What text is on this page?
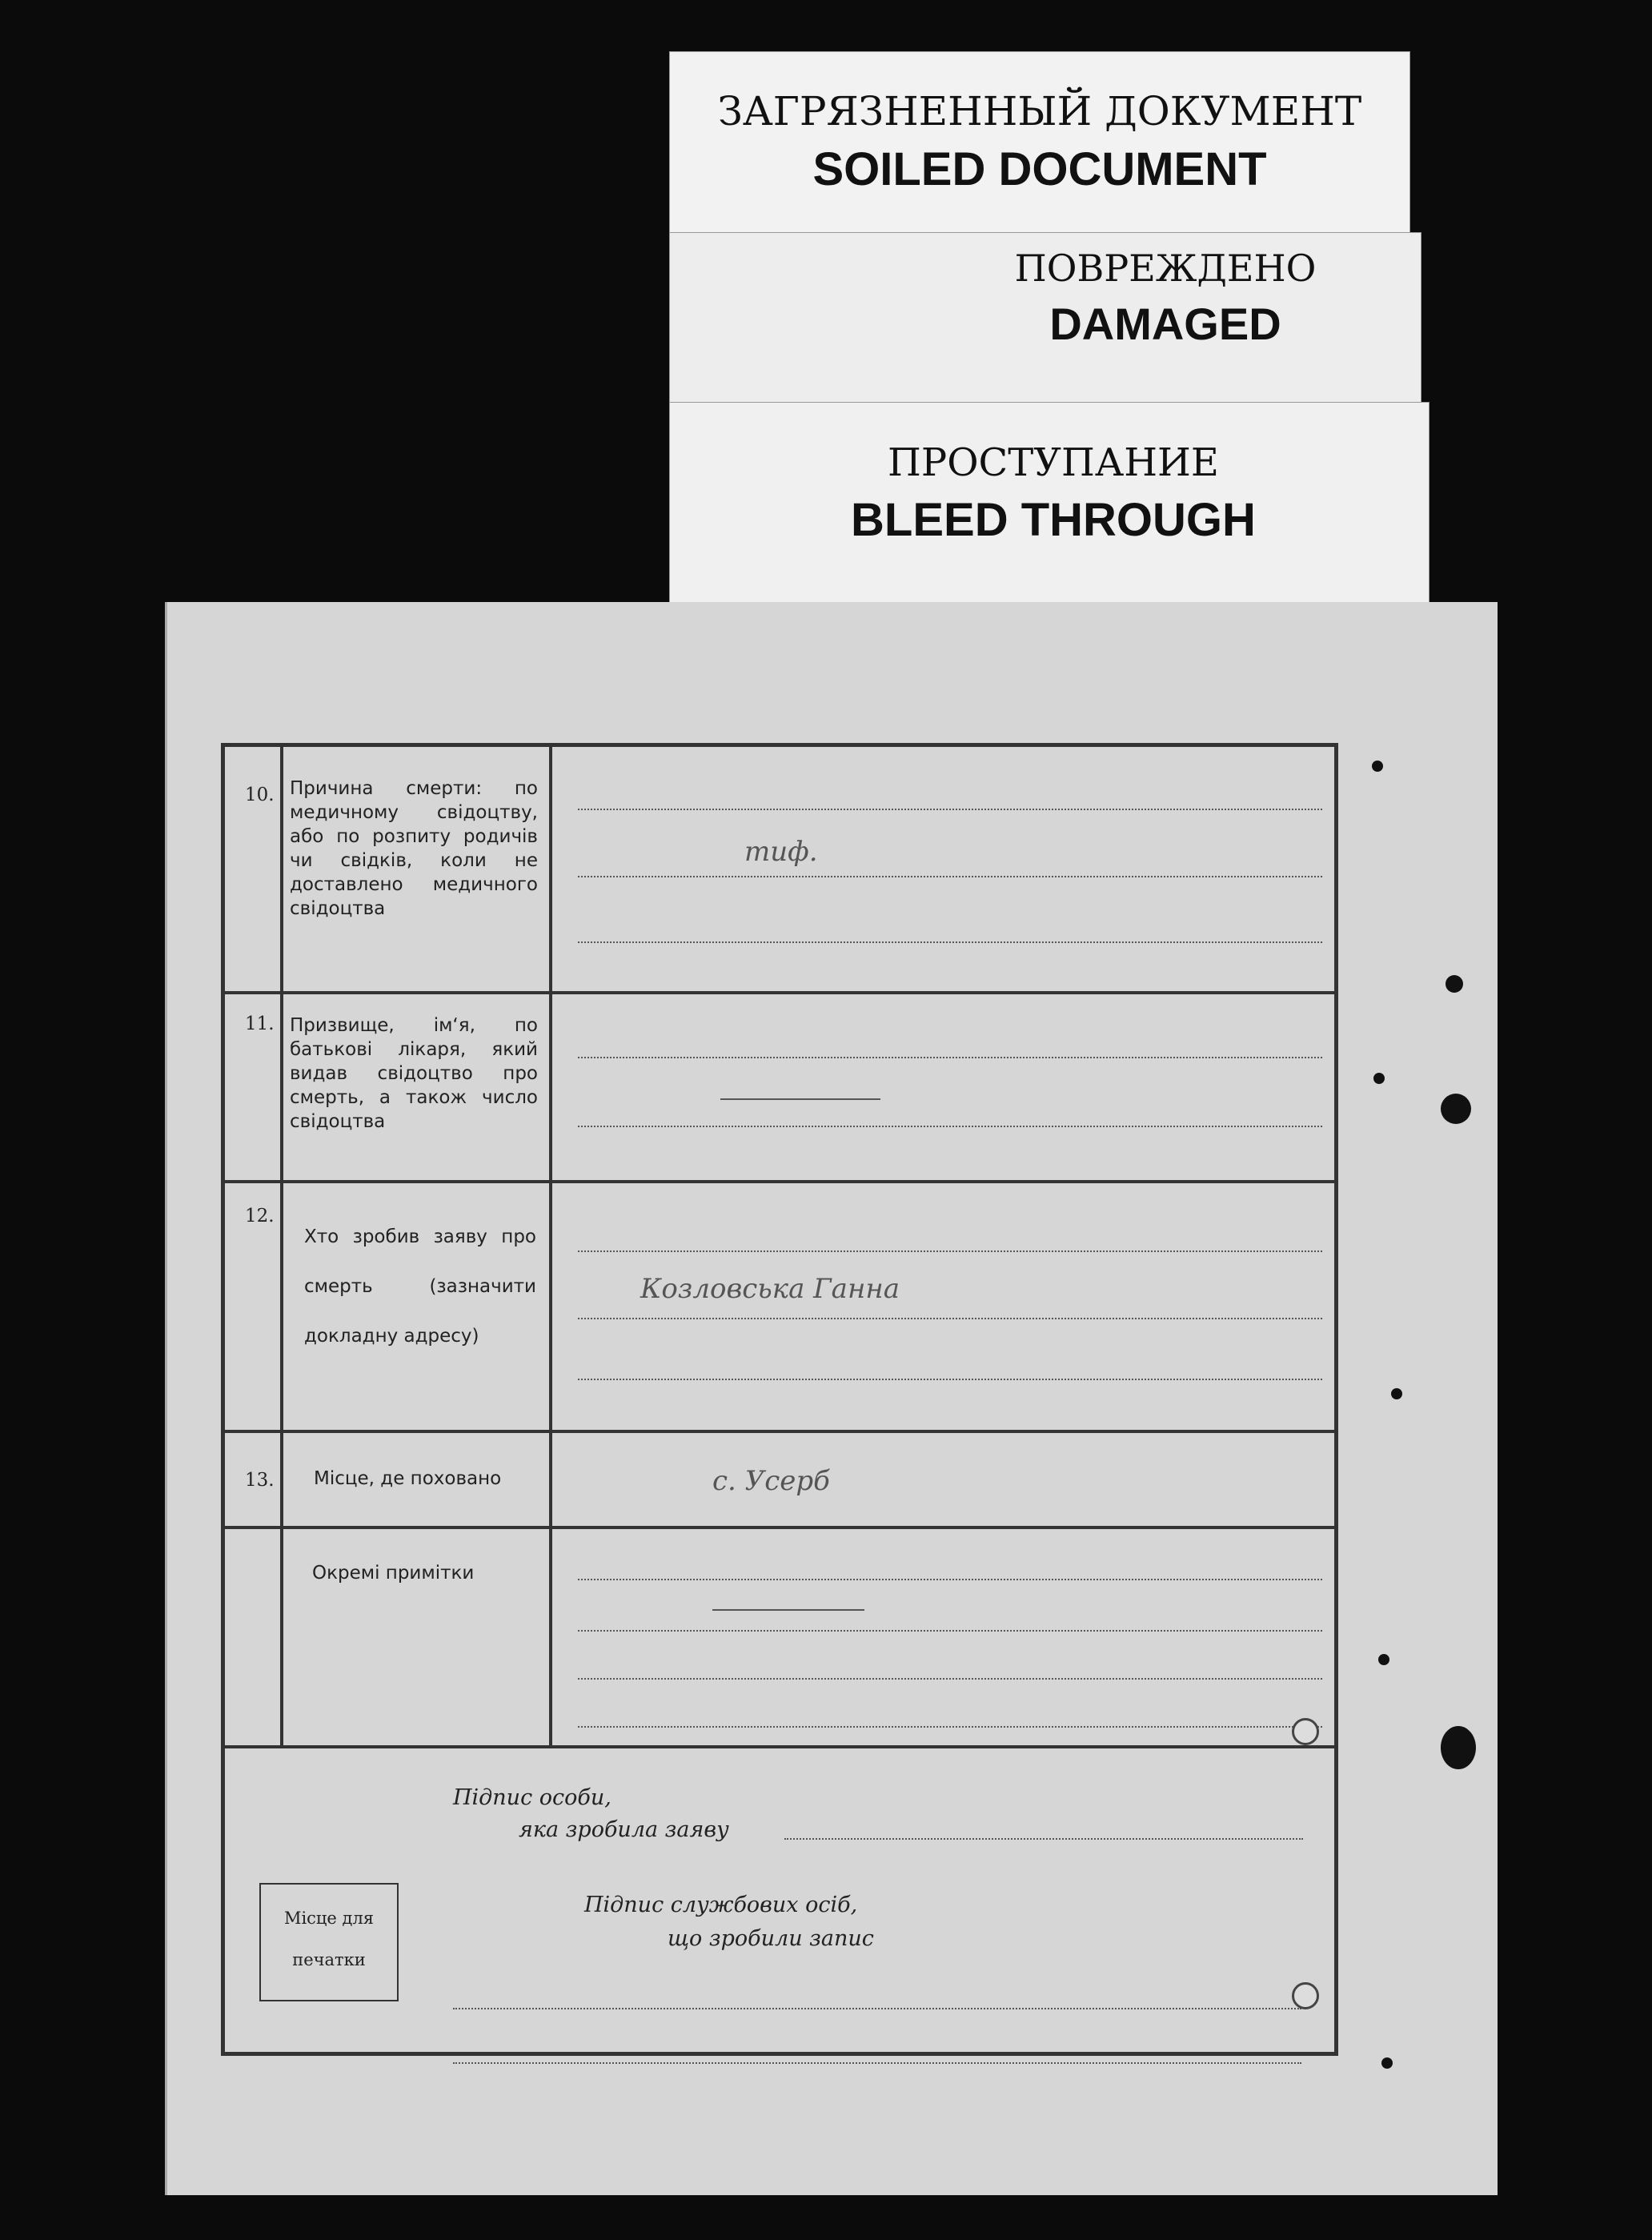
ЗАГРЯЗНЕННЫЙ ДОКУМЕНТ
SOILED DOCUMENT
ПОВРЕЖДЕНО
DAMAGED
ПРОСТУПАНИЕ
BLEED THROUGH
10. Причина смерти: по медичному свідоцтву, або по розпиту родичів чи свідків, коли не доставлено медичного свідоцтва
тиф.
11. Призвище, ім‘я, по батькові лікаря, який видав свідоцтво про смерть, а також число свідоцтва
12.
Хто зробив заяву про смерть (зазначити докладну адресу)
Козловська Ганна
13. Місце, де поховано	с. Усерб
Окремі примітки
Підпис особи,
яка зробила заяву
Підпис службових осіб,
що зробили запис
Місце для
печатки
